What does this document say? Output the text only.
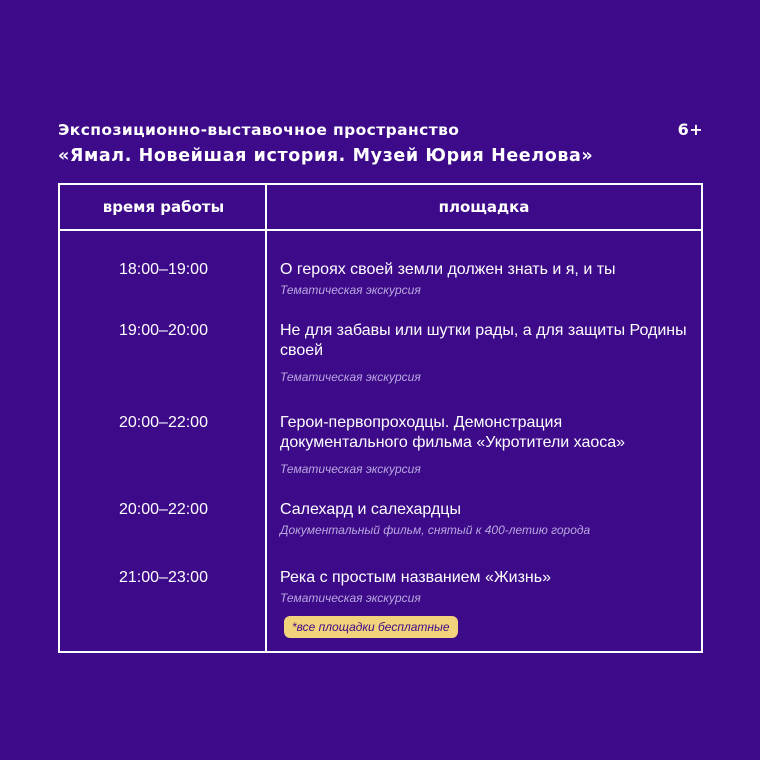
Экспозиционно-выставочное пространство	6+
«Ямал. Новейшая история. Музей Юрия Неелова»
время работы	площадка
18:00–19:00	О героях своей земли должен знать и я, и ты
Тематическая экскурсия
19:00–20:00	Не для забавы или шутки рады, а для защиты Родины своей
Тематическая экскурсия
20:00–22:00	Герои-первопроходцы. Демонстрация документального фильма «Укротители хаоса»
Тематическая экскурсия
20:00–22:00	Салехард и салехардцы
Документальный фильм, снятый к 400-летию города
21:00–23:00	Река с простым названием «Жизнь»
Тематическая экскурсия
*все площадки бесплатные
